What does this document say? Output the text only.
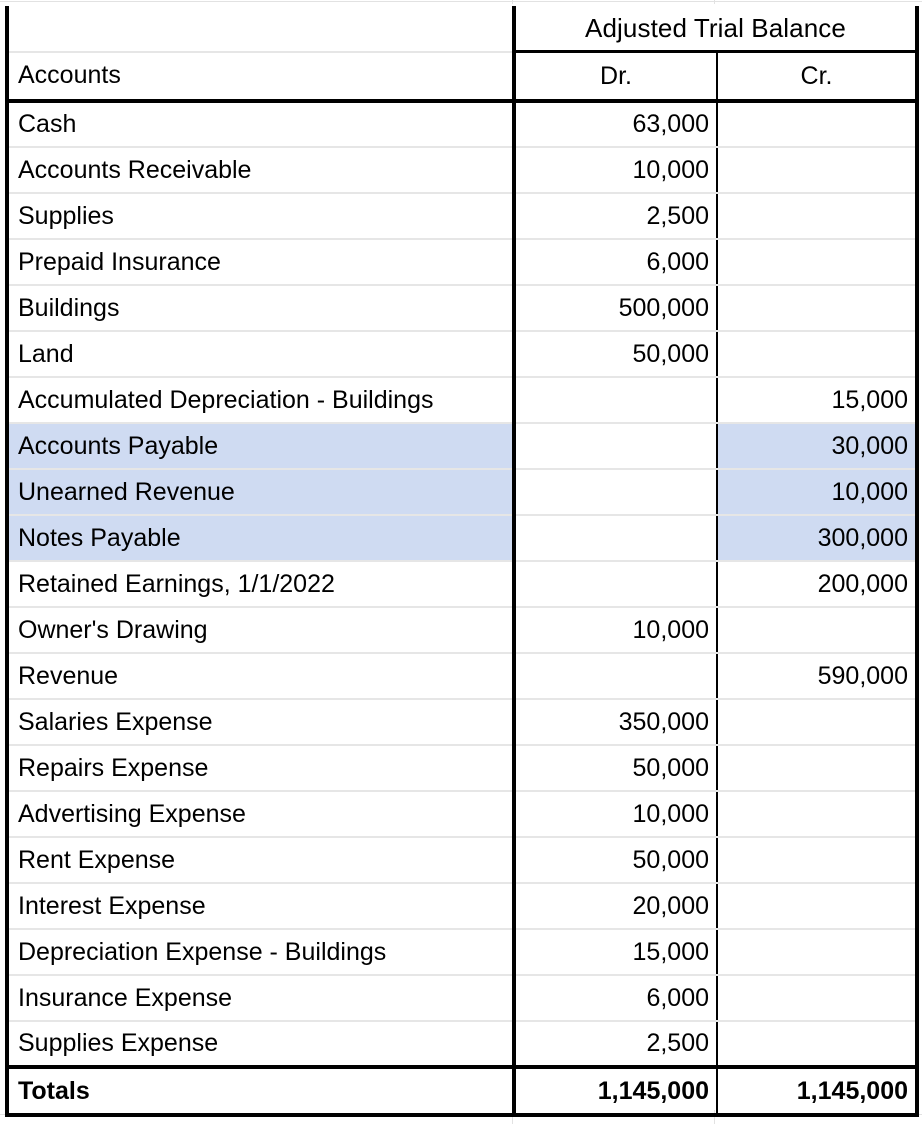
	Adjusted Trial Balance	
Accounts	Dr.	Cr.
Cash	63,000	
Accounts Receivable	10,000	
Supplies	2,500	
Prepaid Insurance	6,000	
Buildings	500,000	
Land	50,000	
Accumulated Depreciation - Buildings		15,000
Accounts Payable		30,000
Unearned Revenue		10,000
Notes Payable		300,000
Retained Earnings, 1/1/2022		200,000
Owner's Drawing	10,000	
Revenue		590,000
Salaries Expense	350,000	
Repairs Expense	50,000	
Advertising Expense	10,000	
Rent Expense	50,000	
Interest Expense	20,000	
Depreciation Expense - Buildings	15,000	
Insurance Expense	6,000	
Supplies Expense	2,500	
Totals	1,145,000	1,145,000
